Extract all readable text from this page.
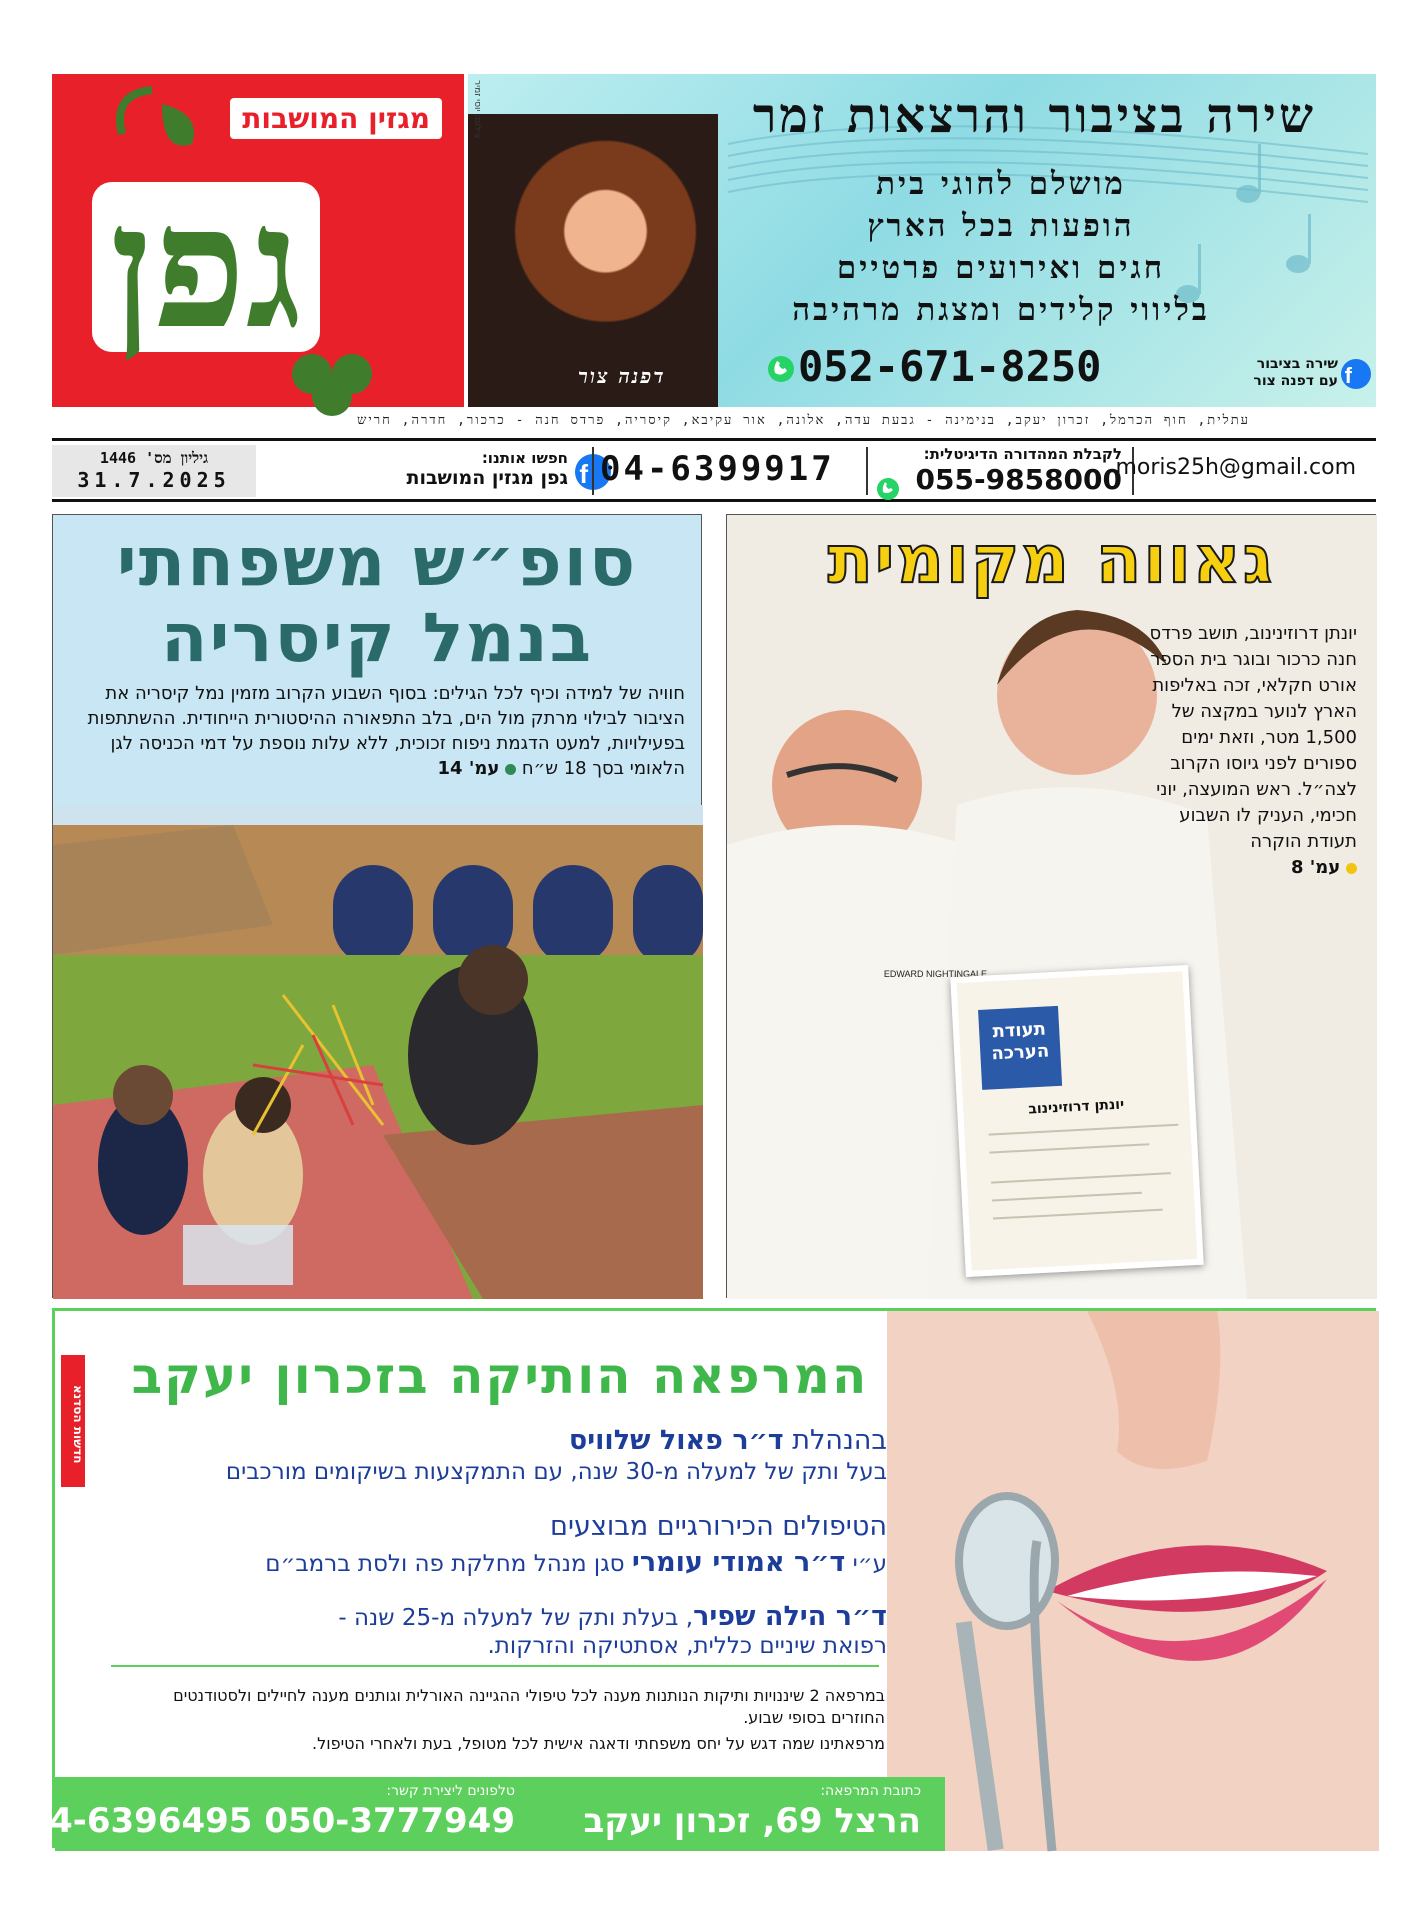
מגזין המושבות
גפן
צילום: יוסי זמיר
דפנה צור
שירה בציבור והרצאות זמר
מושלם לחוגי בית
הופעות בכל הארץ
חגים ואירועים פרטיים
בליווי קלידים ומצגת מרהיבה
052-671-8250	שירה בציבור
עם דפנה צור f
עתלית, חוף הכרמל, זכרון יעקב, בנימינה - גבעת עדה, אלונה, אור עקיבא, קיסריה, פרדס חנה - כרכור, חדרה, חריש
גיליון מס' 1446
31.7.2025
חפשו אותנו:
גפן מגזין המושבות f 04-6399917	לקבלת המהדורה הדיגיטלית:
055-9858000
moris25h@gmail.com
סופ״ש משפחתי
בנמל קיסריה
חוויה של למידה וכיף לכל הגילים: בסוף השבוע הקרוב מזמין נמל קיסריה את הציבור לבילוי מרתק מול הים, בלב התפאורה ההיסטורית הייחודית. ההשתתפות בפעילויות, למעט הדגמת ניפוח זכוכית, ללא עלות נוספת על דמי הכניסה לגן הלאומי בסך 18 ש״ח  עמ' 14
EDWARD NIGHTINGALE
גאווה מקומית
יונתן דרוזינינוב, תושב פרדס חנה כרכור ובוגר בית הספר אורט חקלאי, זכה באליפות הארץ לנוער במקצה של 1,500 מטר, וזאת ימים ספורים לפני גיוסו הקרוב לצה״ל. ראש המועצה, יוני חכימי, העניק לו השבוע תעודת הוקרה
עמ' 8
תעודת הערכה
יונתן דרוזינינוב
חדשות הסדנא
המרפאה הותיקה בזכרון יעקב
בהנהלת ד״ר פאול שלוויס
בעל ותק של למעלה מ-30 שנה, עם התמקצעות בשיקומים מורכבים
הטיפולים הכירורגיים מבוצעים
ע״י ד״ר אמודי עומרי סגן מנהל מחלקת פה ולסת ברמב״ם
ד״ר הילה שפיר, בעלת ותק של למעלה מ-25 שנה -
רפואת שיניים כללית, אסתטיקה והזרקות.
במרפאה 2 שיננויות ותיקות הנותנות מענה לכל טיפולי ההגיינה האורלית וגותנים מענה לחיילים ולסטודנטים החוזרים בסופי שבוע.
מרפאתינו שמה דגש על יחס משפחתי ודאגה אישית לכל מטופל, בעת ולאחרי הטיפול.
כתובת המרפאה:
הרצל 69, זכרון יעקב
טלפונים ליצירת קשר:
050-3777949 04-6396495
